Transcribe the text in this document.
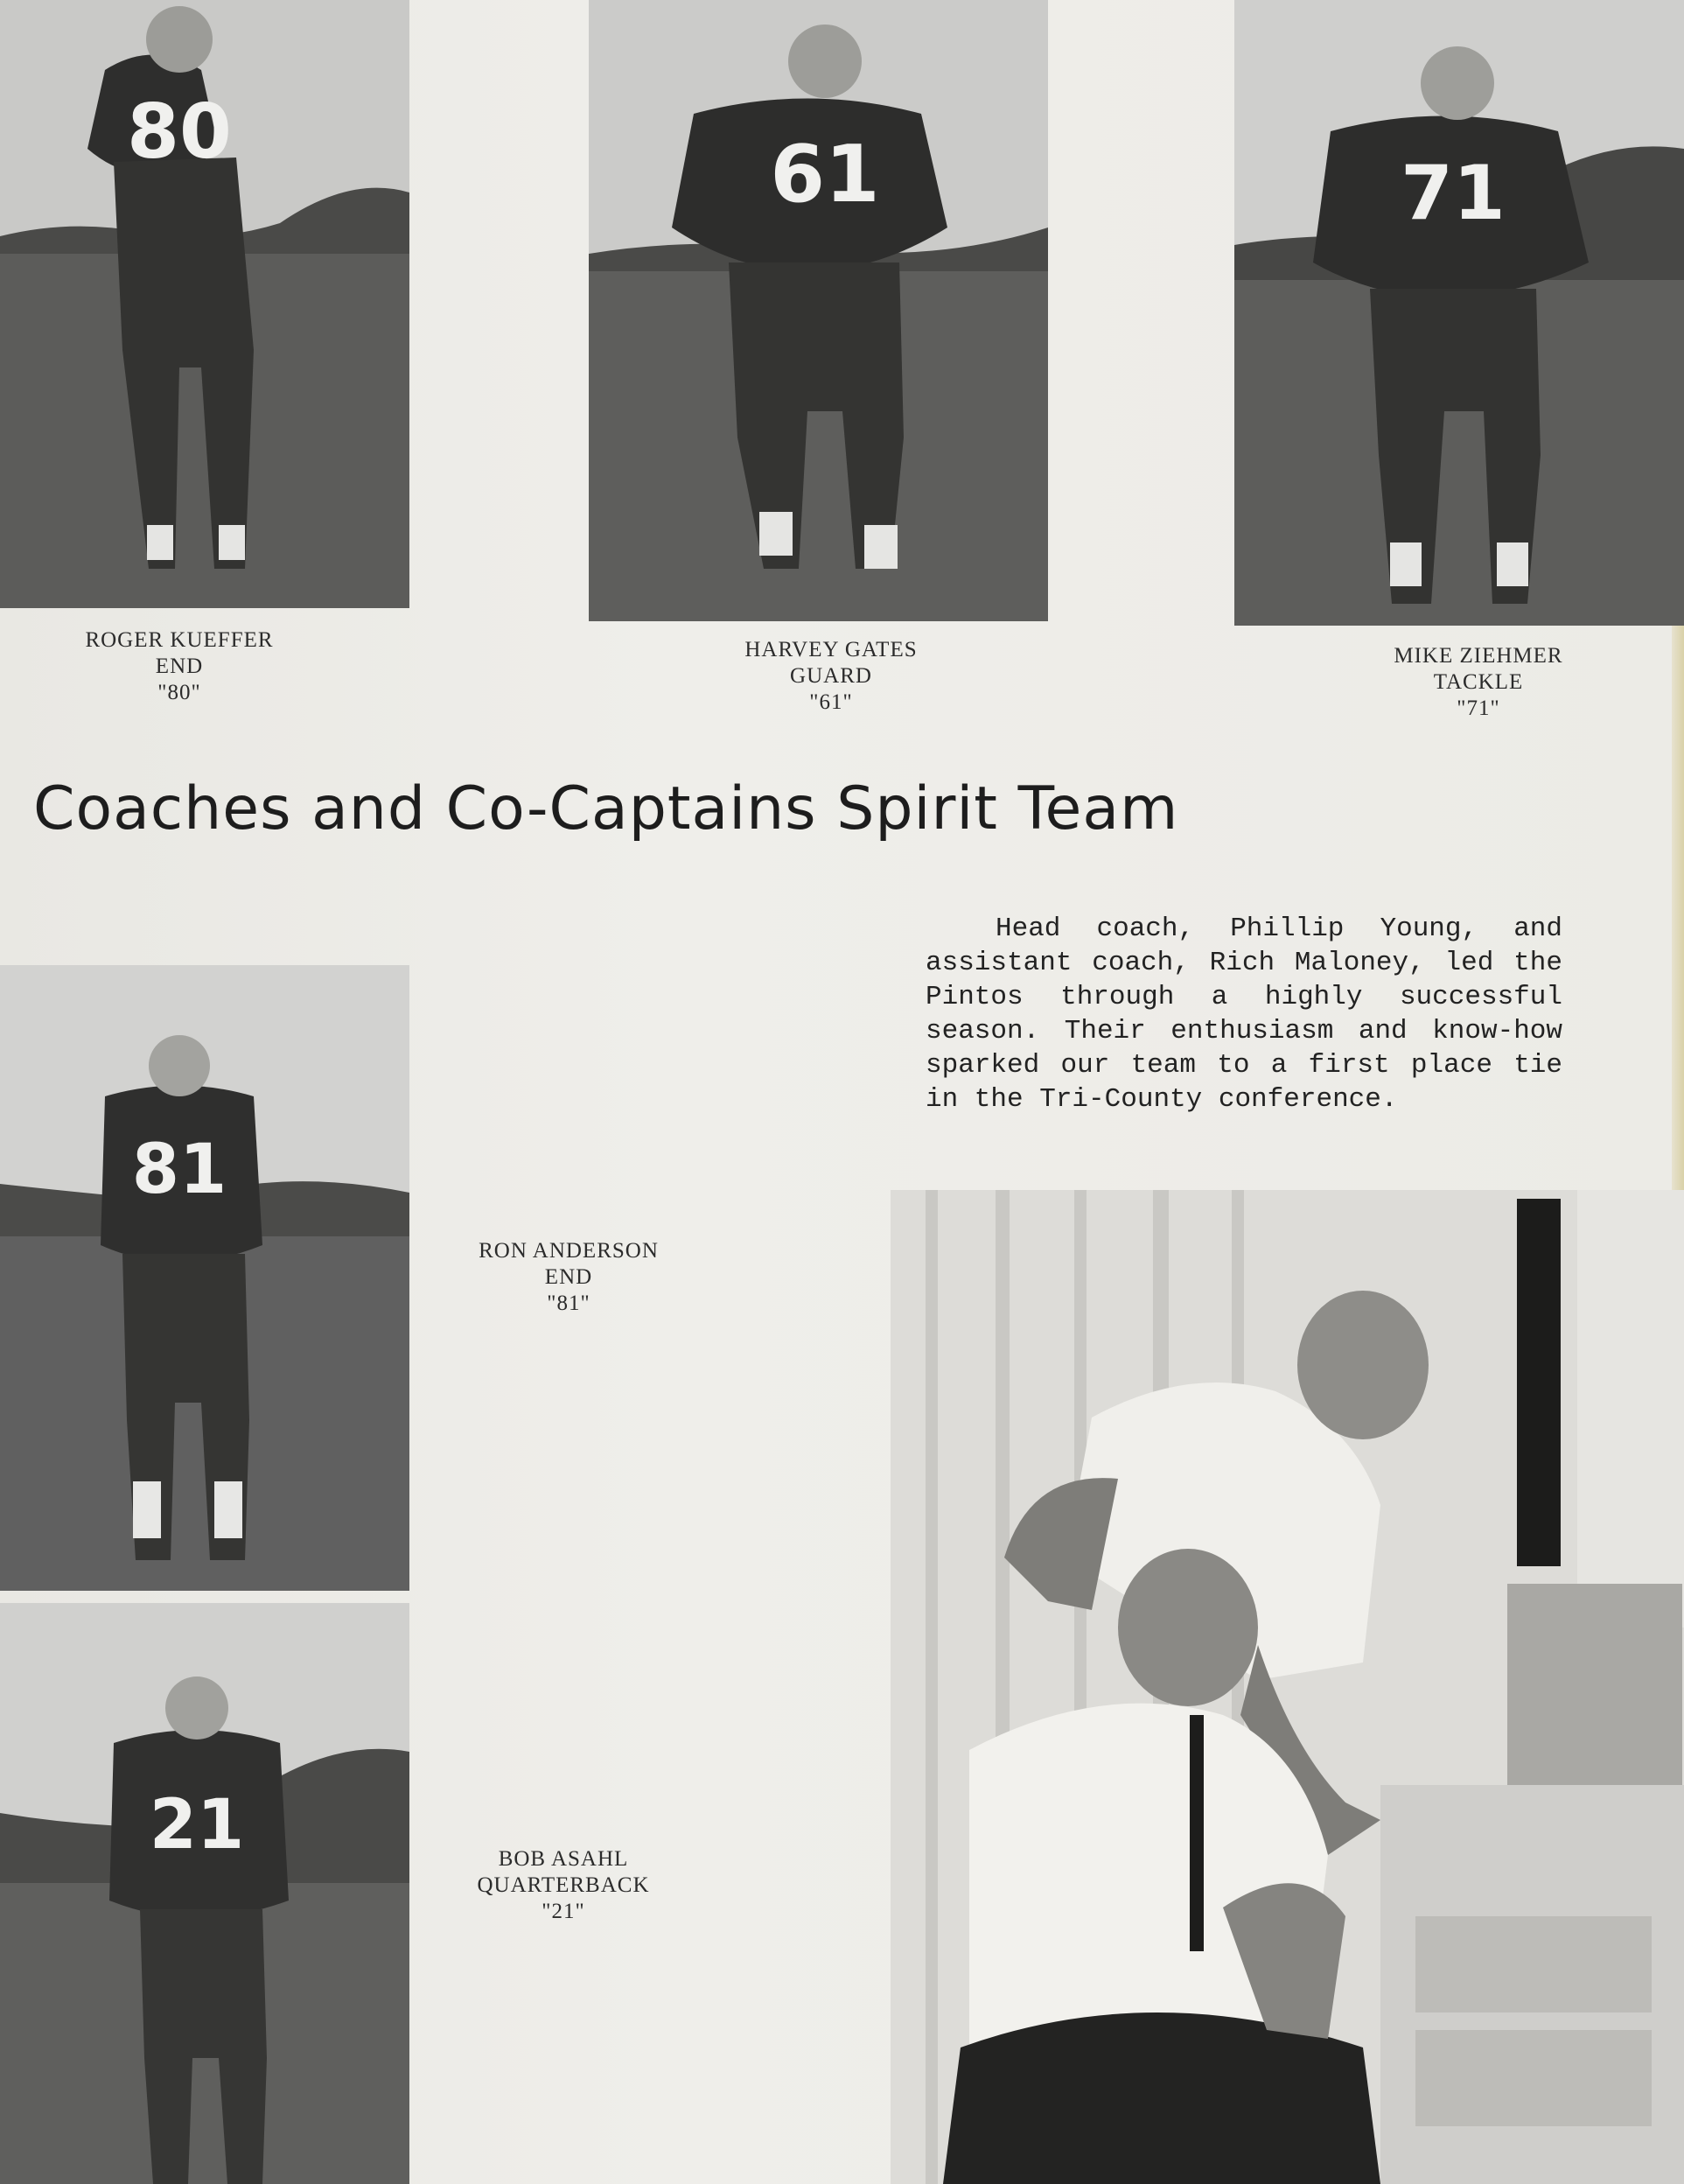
80	61	71
ROGER KUEFFER
END
"80"
HARVEY GATES
GUARD
"61"
MIKE ZIEHMER
TACKLE
"71"
Coaches and Co-Captains Spirit Team

Head coach, Phillip Young, and assistant coach, Rich Maloney, led the Pintos through a highly successful season. Their enthusiasm and know-how sparked our team to a first place tie in the Tri-County conference.

81
21
RON ANDERSON
END
"81"
BOB ASAHL
QUARTERBACK
"21"
